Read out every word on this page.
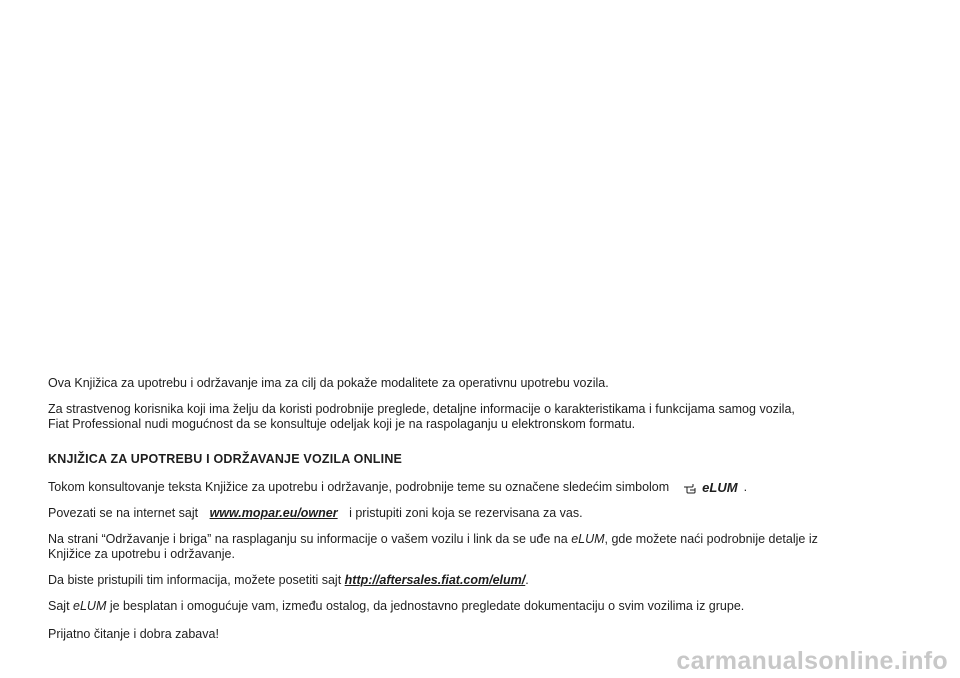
Ova Knjižica za upotrebu i održavanje ima za cilj da pokaže modalitete za operativnu upotrebu vozila.

Za strastvenog korisnika koji ima želju da koristi podrobnije preglede, detaljne informacije o karakteristikama i funkcijama samog vozila,

Fiat Professional nudi mogućnost da se konsultuje odeljak koji je na raspolaganju u elektronskom formatu.

KNJIŽICA ZA UPOTREBU I ODRŽAVANJE VOZILA ONLINE

Tokom konsultovanje teksta Knjižice za upotrebu i održavanje, podrobnije teme su označene sledećim simbolom	eLUM .

Povezati se na internet sajt www.mopar.eu/owner i pristupiti zoni koja se rezervisana za vas.

Na strani “Održavanje i briga” na rasplaganju su informacije o vašem vozilu i link da se uđe na eLUM, gde možete naći podrobnije detalje iz

Knjižice za upotrebu i održavanje.

Da biste pristupili tim informacija, možete posetiti sajt http://aftersales.fiat.com/elum/.

Sajt eLUM je besplatan i omogućuje vam, između ostalog, da jednostavno pregledate dokumentaciju o svim vozilima iz grupe.

Prijatno čitanje i dobra zabava!

carmanualsonline.info
